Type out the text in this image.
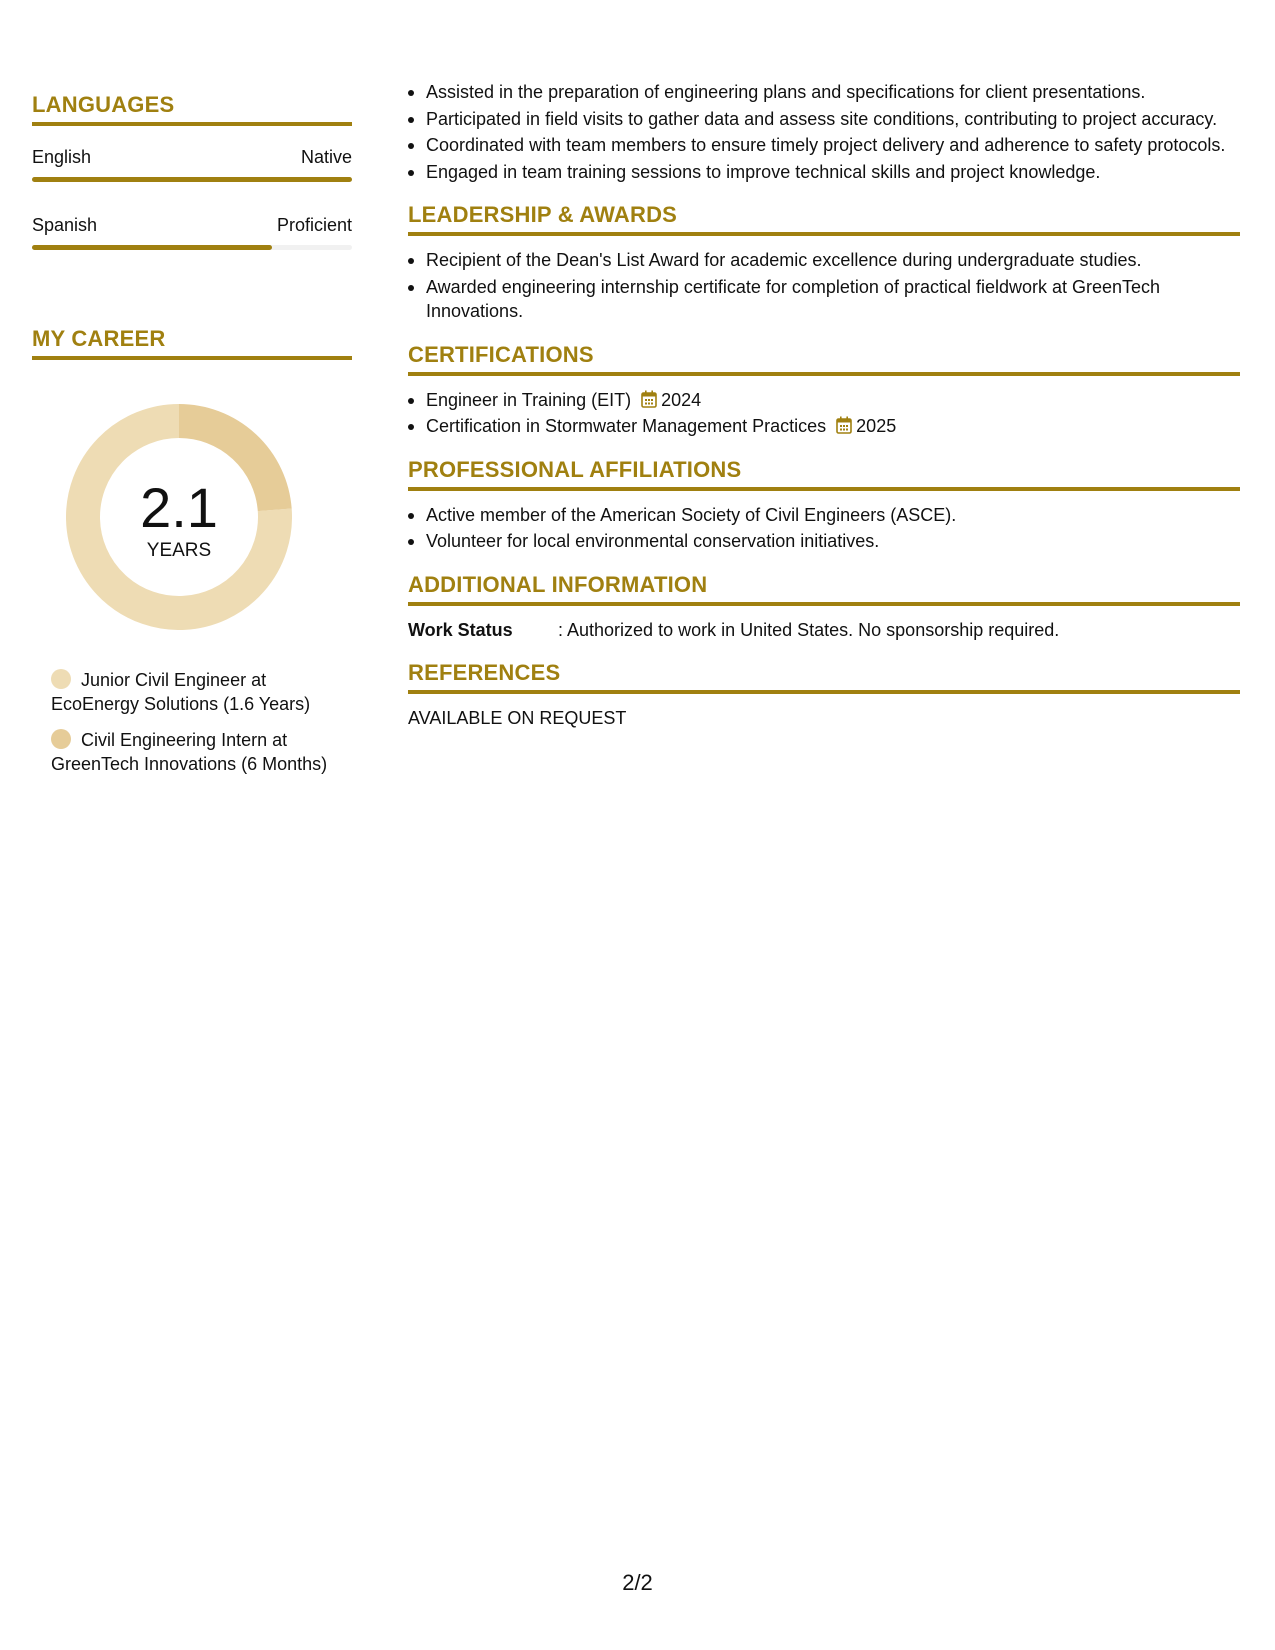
LANGUAGES
English	Native
Spanish	Proficient
MY CAREER
2.1
YEARS
Junior Civil Engineer at EcoEnergy Solutions (1.6 Years)
Civil Engineering Intern at GreenTech Innovations (6 Months)
Assisted in the preparation of engineering plans and specifications for client presentations.
Participated in field visits to gather data and assess site conditions, contributing to project accuracy.
Coordinated with team members to ensure timely project delivery and adherence to safety protocols.
Engaged in team training sessions to improve technical skills and project knowledge.
LEADERSHIP & AWARDS
Recipient of the Dean's List Award for academic excellence during undergraduate studies.
Awarded engineering internship certificate for completion of practical fieldwork at GreenTech Innovations.
CERTIFICATIONS
Engineer in Training (EIT) 2024
Certification in Stormwater Management Practices 2025
PROFESSIONAL AFFILIATIONS
Active member of the American Society of Civil Engineers (ASCE).
Volunteer for local environmental conservation initiatives.
ADDITIONAL INFORMATION
Work Status	: Authorized to work in United States. No sponsorship required.
REFERENCES
AVAILABLE ON REQUEST
2/2
